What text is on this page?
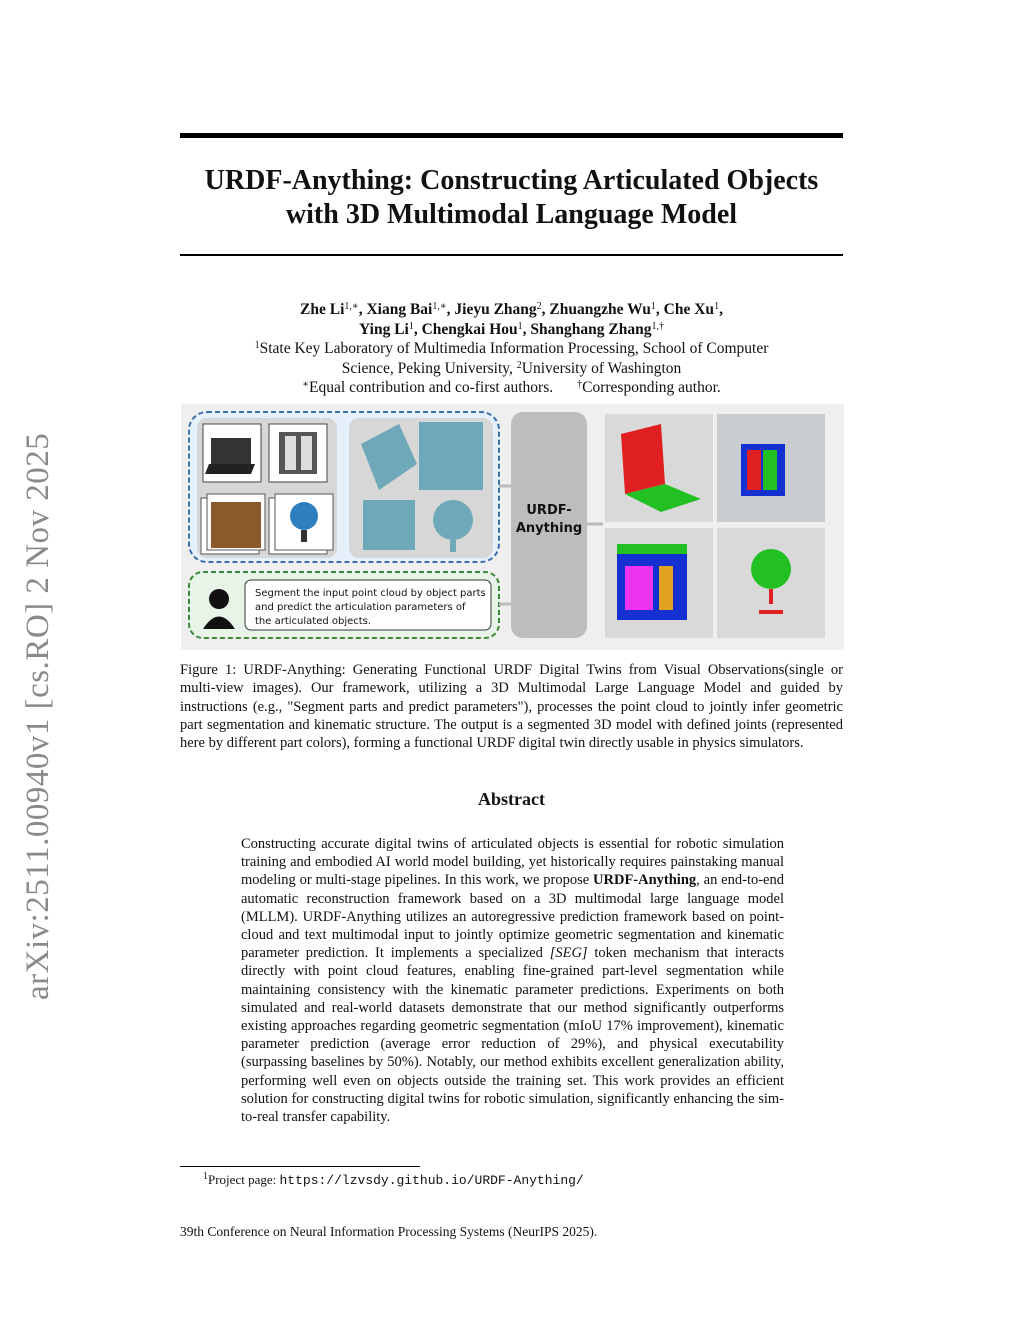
arXiv:2511.00940v1 [cs.RO] 2 Nov 2025
URDF-Anything: Constructing Articulated Objects
with 3D Multimodal Language Model
Zhe $Li^{1,∗}$, Xiang Bai$^{1,∗}$, Jieyu Zhang$^2$, Zhuangzhe Wu$^1$, Che Xu$^1$,
Ying Li$^1$, Chengkai Hou$^1$, Shanghang Zhang$^{1,\dagger}$
$^1$State Key Laboratory of Multimedia Information Processing, School of Computer
Science, Peking University, $^2$University of Washington
∗Equal contribution and co-first authors. †Corresponding author.
Segment the input point cloud by object parts
and predict the articulation parameters of
the articulated objects.
URDF-
Anything
Figure 1: URDF-Anything: Generating Functional URDF Digital Twins from Visual Observations(single or multi-view images). Our framework, utilizing a 3D Multimodal Large Language Model and guided by instructions (e.g., "Segment parts and predict parameters"), processes the point cloud to jointly infer geometric part segmentation and kinematic structure. The output is a segmented 3D model with defined joints (represented here by different part colors), forming a functional URDF digital twin directly usable in physics simulators.
Abstract
Constructing accurate digital twins of articulated objects is essential for robotic simulation training and embodied AI world model building, yet historically requires painstaking manual modeling or multi-stage pipelines. In this work, we propose URDF-Anything, an end-to-end automatic reconstruction framework based on a 3D multimodal large language model (MLLM). URDF-Anything utilizes an autoregressive prediction framework based on point-cloud and text multimodal input to jointly optimize geometric segmentation and kinematic parameter prediction. It implements a specialized [SEG] token mechanism that interacts directly with point cloud features, enabling fine-grained part-level segmentation while maintaining consistency with the kinematic parameter predictions. Experiments on both simulated and real-world datasets demonstrate that our method significantly outperforms existing approaches regarding geometric segmentation (mIoU 17% improvement), kinematic parameter prediction (average error reduction of 29%), and physical executability (surpassing baselines by 50%). Notably, our method exhibits excellent generalization ability, performing well even on objects outside the training set. This work provides an efficient solution for constructing digital twins for robotic simulation, significantly enhancing the sim-to-real transfer capability.
$^1$Project page: https://lzvsdy.github.io/URDF-Anything/
39th Conference on Neural Information Processing Systems (NeurIPS 2025).
